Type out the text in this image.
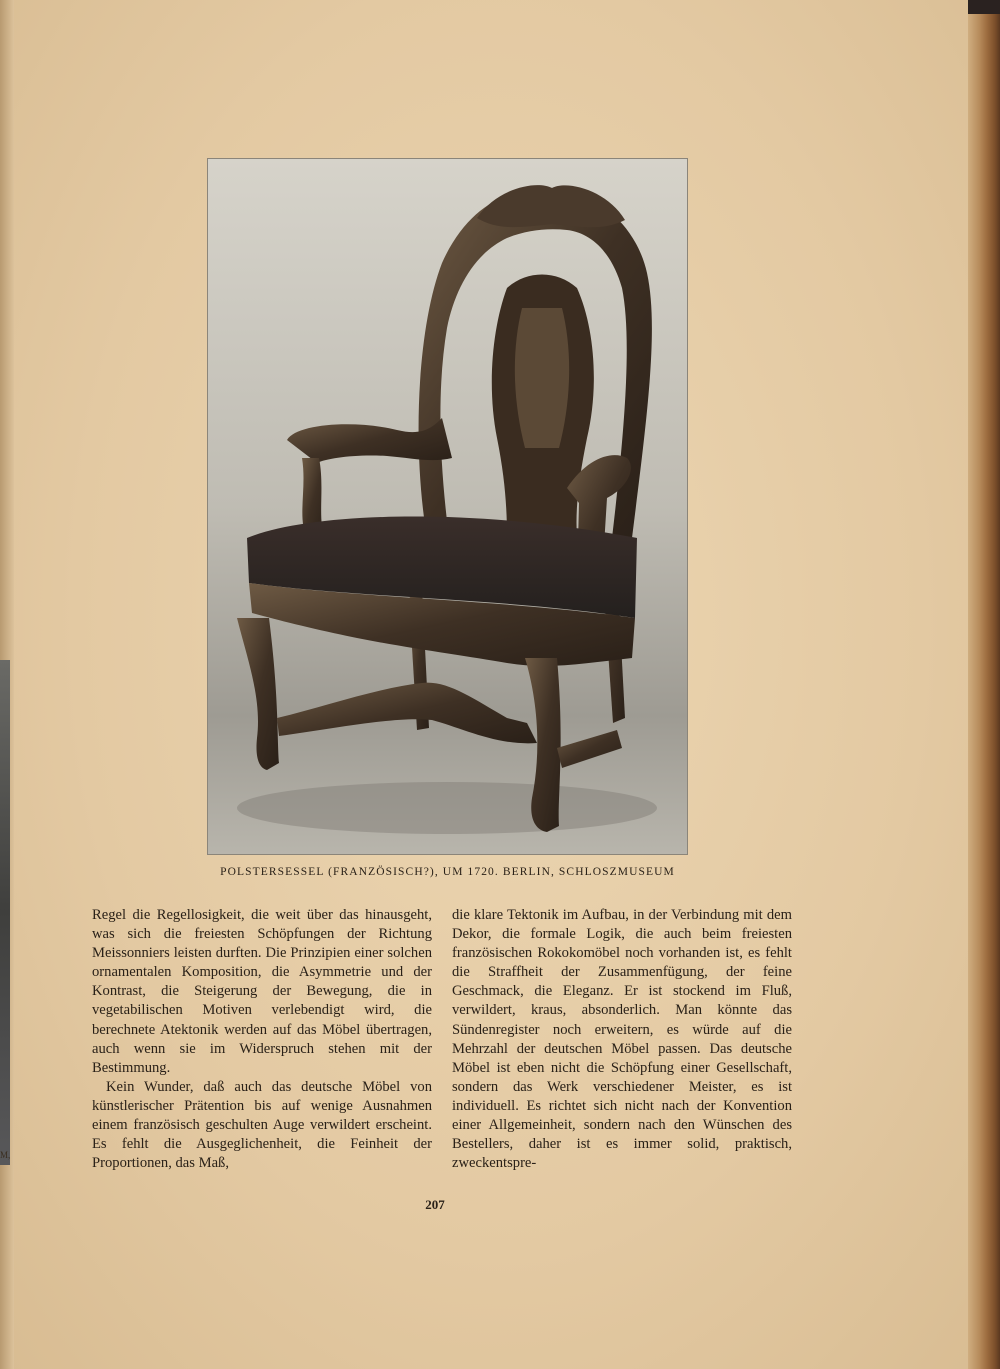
M,
POLSTERSESSEL (FRANZÖSISCH?), UM 1720. BERLIN, SCHLOSZMUSEUM

Regel die Regellosigkeit, die weit über das hinausgeht, was sich die freiesten Schöpfungen der Richtung Meissonniers leisten durften. Die Prinzipien einer solchen ornamentalen Komposition, die Asymmetrie und der Kontrast, die Steigerung der Bewegung, die in vegetabilischen Motiven verlebendigt wird, die berechnete Atektonik werden auf das Möbel übertragen, auch wenn sie im Widerspruch stehen mit der Bestimmung.

Kein Wunder, daß auch das deutsche Möbel von künstlerischer Prätention bis auf wenige Ausnahmen einem französisch geschulten Auge verwildert erscheint. Es fehlt die Ausgeglichenheit, die Feinheit der Proportionen, das Maß,

die klare Tektonik im Aufbau, in der Verbindung mit dem Dekor, die formale Logik, die auch beim freiesten französischen Rokokomöbel noch vorhanden ist, es fehlt die Straffheit der Zusammenfügung, der feine Geschmack, die Eleganz. Er ist stockend im Fluß, verwildert, kraus, absonderlich. Man könnte das Sündenregister noch erweitern, es würde auf die Mehrzahl der deutschen Möbel passen. Das deutsche Möbel ist eben nicht die Schöpfung einer Gesellschaft, sondern das Werk verschiedener Meister, es ist individuell. Es richtet sich nicht nach der Konvention einer Allgemeinheit, sondern nach den Wünschen des Bestellers, daher ist es immer solid, praktisch, zweckentspre-

207
